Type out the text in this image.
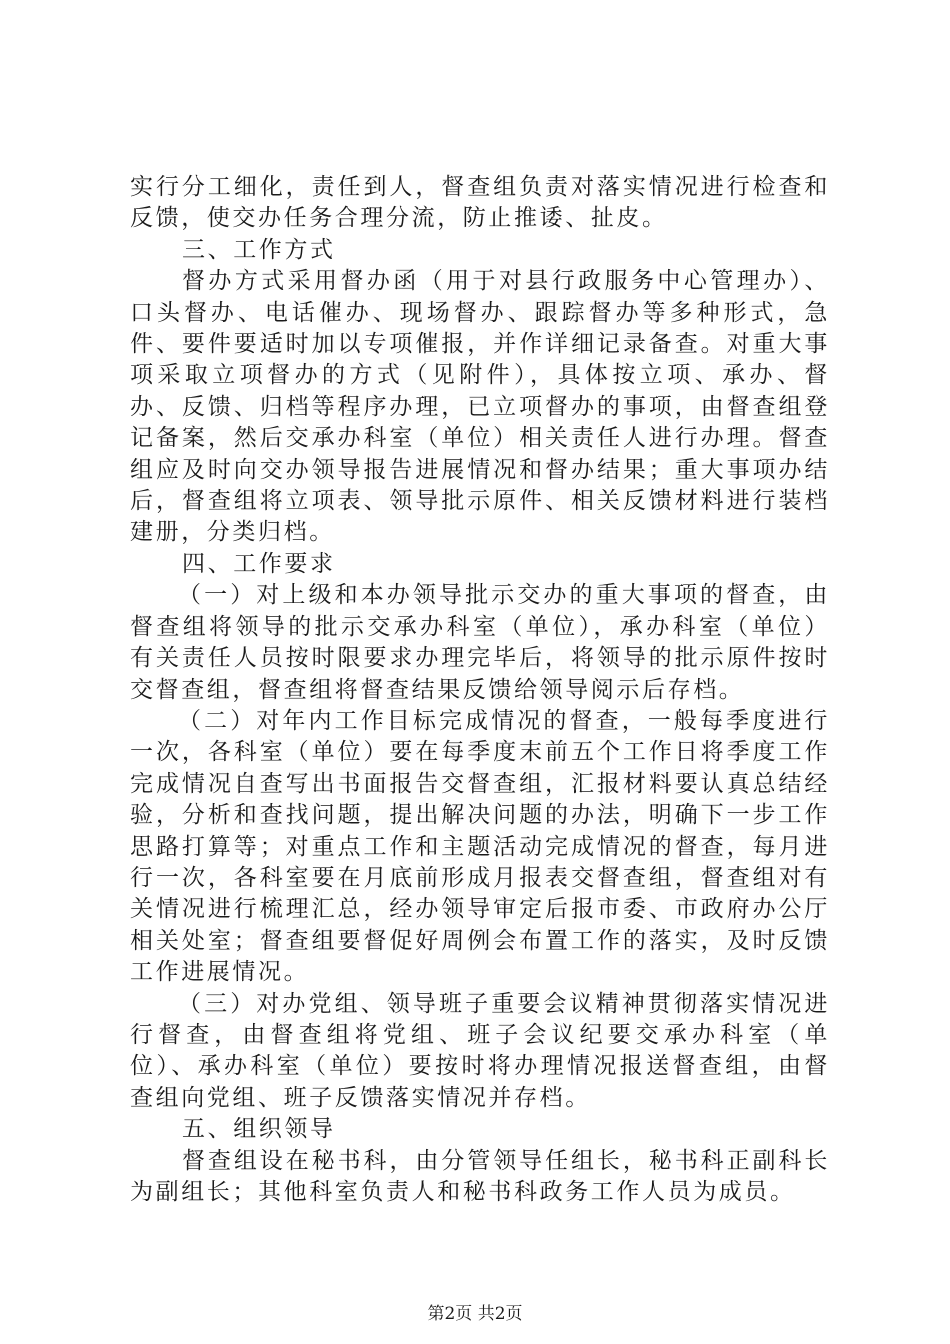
实行分工细化，责任到人，督查组负责对落实情况进行检查和反馈，使交办任务合理分流，防止推诿、扯皮。

三、工作方式

督办方式采用督办函（用于对县行政服务中心管理办）、口头督办、电话催办、现场督办、跟踪督办等多种形式，急件、要件要适时加以专项催报，并作详细记录备查。对重大事项采取立项督办的方式（见附件），具体按立项、承办、督办、反馈、归档等程序办理，已立项督办的事项，由督查组登记备案，然后交承办科室（单位）相关责任人进行办理。督查组应及时向交办领导报告进展情况和督办结果；重大事项办结后，督查组将立项表、领导批示原件、相关反馈材料进行装档建册，分类归档。

四、工作要求

（一）对上级和本办领导批示交办的重大事项的督查，由督查组将领导的批示交承办科室（单位），承办科室（单位）有关责任人员按时限要求办理完毕后，将领导的批示原件按时交督查组，督查组将督查结果反馈给领导阅示后存档。

（二）对年内工作目标完成情况的督查，一般每季度进行一次，各科室（单位）要在每季度末前五个工作日将季度工作完成情况自查写出书面报告交督查组，汇报材料要认真总结经验，分析和查找问题，提出解决问题的办法，明确下一步工作思路打算等；对重点工作和主题活动完成情况的督查，每月进行一次，各科室要在月底前形成月报表交督查组，督查组对有关情况进行梳理汇总，经办领导审定后报市委、市政府办公厅相关处室；督查组要督促好周例会布置工作的落实，及时反馈工作进展情况。

（三）对办党组、领导班子重要会议精神贯彻落实情况进行督查，由督查组将党组、班子会议纪要交承办科室（单位）、承办科室（单位）要按时将办理情况报送督查组，由督查组向党组、班子反馈落实情况并存档。

五、组织领导

督查组设在秘书科，由分管领导任组长，秘书科正副科长为副组长；其他科室负责人和秘书科政务工作人员为成员。

第2页 共2页
